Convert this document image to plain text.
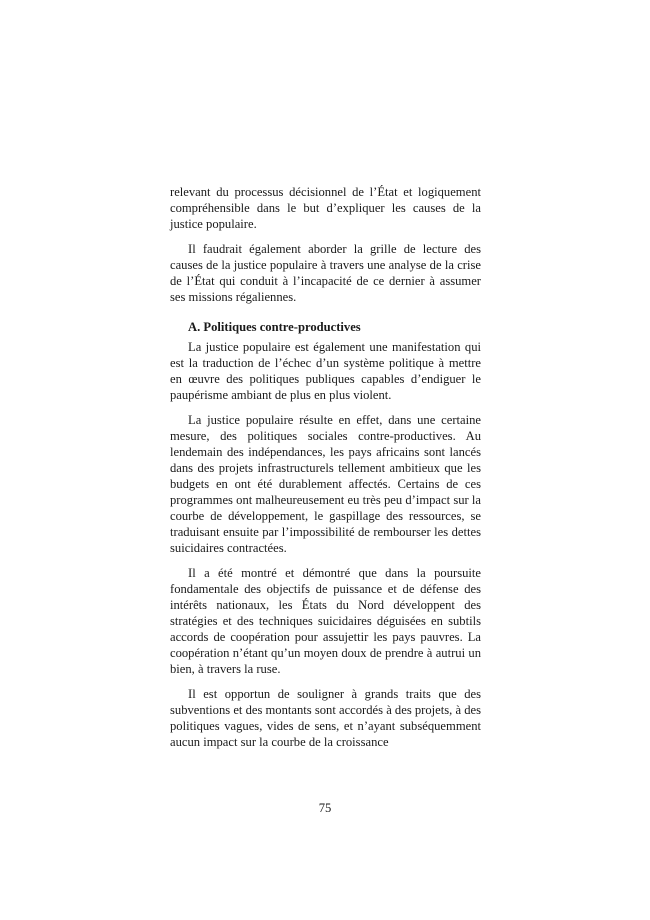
relevant du processus décisionnel de l’État et logiquement compréhensible dans le but d’expliquer les causes de la justice populaire.

Il faudrait également aborder la grille de lecture des causes de la justice populaire à travers une analyse de la crise de l’État qui conduit à l’incapacité de ce dernier à assumer ses missions régaliennes.

A. Politiques contre-productives

La justice populaire est également une manifestation qui est la traduction de l’échec d’un système politique à mettre en œuvre des politiques publiques capables d’endiguer le paupérisme ambiant de plus en plus violent.

La justice populaire résulte en effet, dans une certaine mesure, des politiques sociales contre-productives. Au lendemain des indépendances, les pays africains sont lancés dans des projets infrastructurels tellement ambitieux que les budgets en ont été durablement affectés. Certains de ces programmes ont malheureusement eu très peu d’impact sur la courbe de développement, le gaspillage des ressources, se traduisant ensuite par l’impossibilité de rembourser les dettes suicidaires contractées.

Il a été montré et démontré que dans la poursuite fondamentale des objectifs de puissance et de défense des intérêts nationaux, les États du Nord développent des stratégies et des techniques suicidaires déguisées en subtils accords de coopération pour assujettir les pays pauvres. La coopération n’étant qu’un moyen doux de prendre à autrui un bien, à travers la ruse.

Il est opportun de souligner à grands traits que des subventions et des montants sont accordés à des projets, à des politiques vagues, vides de sens, et n’ayant subséquemment aucun impact sur la courbe de la croissance

75
